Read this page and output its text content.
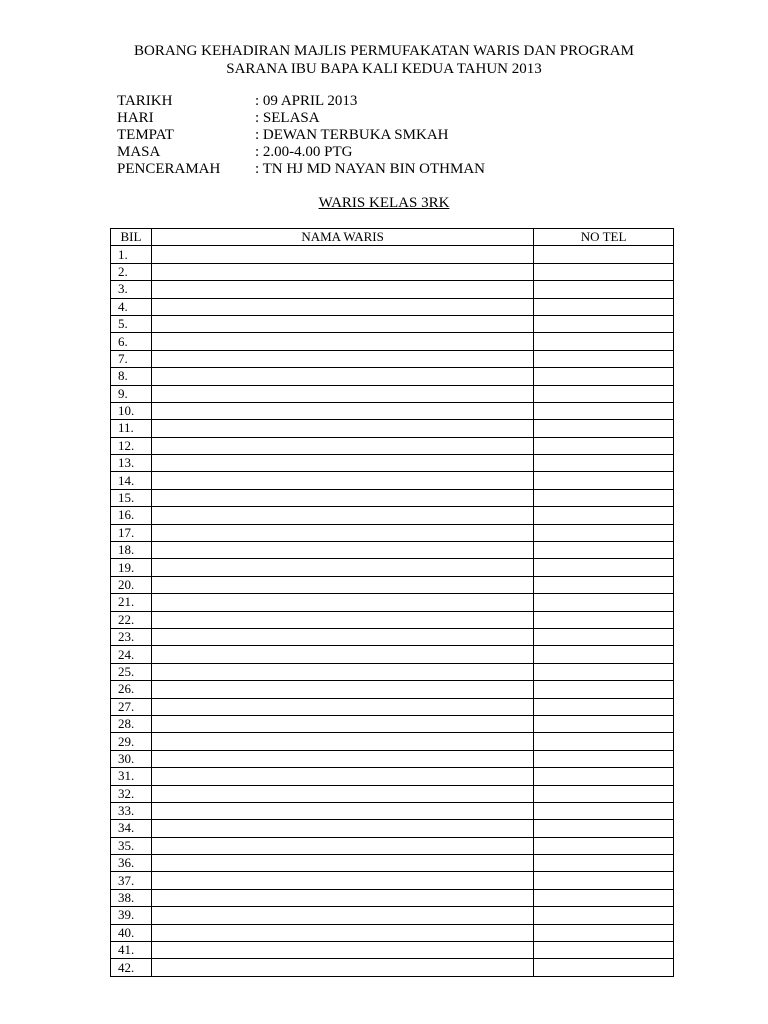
BORANG KEHADIRAN MAJLIS PERMUFAKATAN WARIS DAN PROGRAM
SARANA IBU BAPA KALI KEDUA TAHUN 2013
TARIKH	: 09 APRIL 2013
HARI	: SELASA
TEMPAT	: DEWAN TERBUKA SMKAH
MASA	: 2.00-4.00 PTG
PENCERAMAH	: TN HJ MD NAYAN BIN OTHMAN
WARIS KELAS 3RK
BIL	NAMA WARIS	NO TEL
1.		
2.		
3.		
4.		
5.		
6.		
7.		
8.		
9.		
10.		
11.		
12.		
13.		
14.		
15.		
16.		
17.		
18.		
19.		
20.		
21.		
22.		
23.		
24.		
25.		
26.		
27.		
28.		
29.		
30.		
31.		
32.		
33.		
34.		
35.		
36.		
37.		
38.		
39.		
40.		
41.		
42.		
